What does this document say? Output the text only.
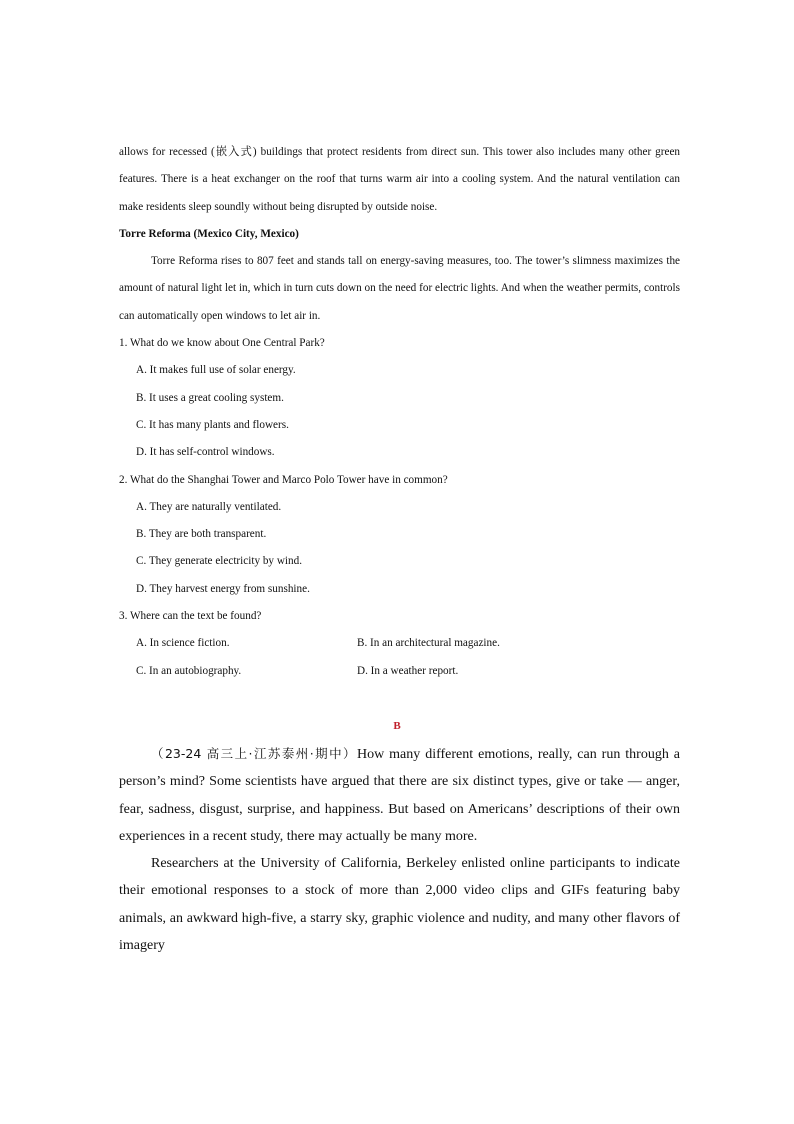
allows for recessed (嵌入式) buildings that protect residents from direct sun. This tower also includes many other green features. There is a heat exchanger on the roof that turns warm air into a cooling system. And the natural ventilation can make residents sleep soundly without being disrupted by outside noise.
Torre Reforma (Mexico City, Mexico)
Torre Reforma rises to 807 feet and stands tall on energy-saving measures, too. The tower’s slimness maximizes the amount of natural light let in, which in turn cuts down on the need for electric lights. And when the weather permits, controls can automatically open windows to let air in.
1. What do we know about One Central Park?
A. It makes full use of solar energy.
B. It uses a great cooling system.
C. It has many plants and flowers.
D. It has self-control windows.
2. What do the Shanghai Tower and Marco Polo Tower have in common?
A. They are naturally ventilated.
B. They are both transparent.
C. They generate electricity by wind.
D. They harvest energy from sunshine.
3. Where can the text be found?
A. In science fiction.	B. In an architectural magazine.
C. In an autobiography.	D. In a weather report.
B

（23-24 高三上·江苏泰州·期中）How many different emotions, really, can run through a person’s mind? Some scientists have argued that there are six distinct types, give or take — anger, fear, sadness, disgust, surprise, and happiness. But based on Americans’ descriptions of their own experiences in a recent study, there may actually be many more.

Researchers at the University of California, Berkeley enlisted online participants to indicate their emotional responses to a stock of more than 2,000 video clips and GIFs featuring baby animals, an awkward high-five, a starry sky, graphic violence and nudity, and many other flavors of imagery
